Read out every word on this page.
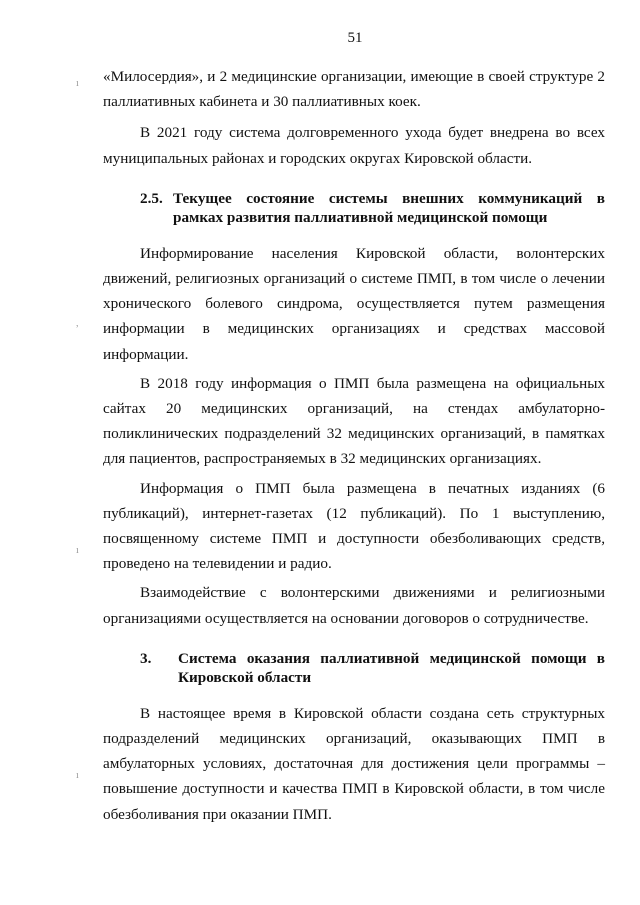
51
ı
,
ı
ı

«Милосердия», и 2 медицинские организации, имеющие в своей структуре 2 паллиативных кабинета и 30 паллиативных коек.

В 2021 году система долговременного ухода будет внедрена во всех муниципальных районах и городских округах Кировской области.

2.5. Текущее состояние системы внешних коммуникаций в рамках развития паллиативной медицинской помощи

Информирование населения Кировской области, волонтерских движений, религиозных организаций о системе ПМП, в том числе о лечении хронического болевого синдрома, осуществляется путем размещения информации в медицинских организациях и средствах массовой информации.

В 2018 году информация о ПМП была размещена на официальных сайтах 20 медицинских организаций, на стендах амбулаторно-поликлинических подразделений 32 медицинских организаций, в памятках для пациентов, распространяемых в 32 медицинских организациях.

Информация о ПМП была размещена в печатных изданиях (6 публикаций), интернет-газетах (12 публикаций). По 1 выступлению, посвященному системе ПМП и доступности обезболивающих средств, проведено на телевидении и радио.

Взаимодействие с волонтерскими движениями и религиозными организациями осуществляется на основании договоров о сотрудничестве.

3.	Система оказания паллиативной медицинской помощи в Кировской области

В настоящее время в Кировской области создана сеть структурных подразделений медицинских организаций, оказывающих ПМП в амбулаторных условиях, достаточная для достижения цели программы – повышение доступности и качества ПМП в Кировской области, в том числе обезболивания при оказании ПМП.
